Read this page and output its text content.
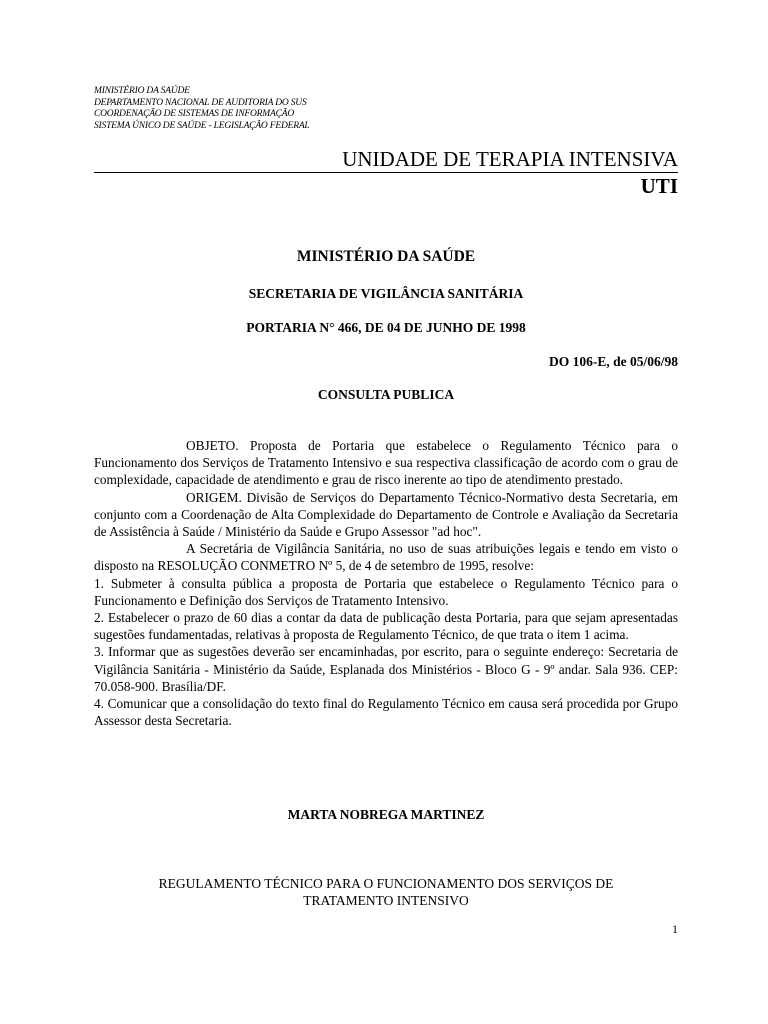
MINISTÉRIO DA SAÚDE
DEPARTAMENTO NACIONAL DE AUDITORIA DO SUS
COORDENAÇÃO DE SISTEMAS DE INFORMAÇÃO
SISTEMA ÚNICO DE SAÚDE - LEGISLAÇÃO FEDERAL
UNIDADE DE TERAPIA INTENSIVA
UTI
MINISTÉRIO DA SAÚDE
SECRETARIA DE VIGILÂNCIA SANITÁRIA
PORTARIA N° 466, DE 04 DE JUNHO DE 1998
DO 106-E, de 05/06/98
CONSULTA PUBLICA

OBJETO. Proposta de Portaria que estabelece o Regulamento Técnico para o Funcionamento dos Serviços de Tratamento Intensivo e sua respectiva classificação de acordo com o grau de complexidade, capacidade de atendimento e grau de risco inerente ao tipo de atendimento prestado.

ORIGEM. Divisão de Serviços do Departamento Técnico-Normativo desta Secretaria, em conjunto com a Coordenação de Alta Complexidade do Departamento de Controle e Avaliação da Secretaria de Assistência à Saúde / Ministério da Saúde e Grupo Assessor "ad hoc".

A Secretária de Vigilância Sanitária, no uso de suas atribuições legais e tendo em visto o disposto na RESOLUÇÃO CONMETRO Nº 5, de 4 de setembro de 1995, resolve:

1. Submeter à consulta pública a proposta de Portaria que estabelece o Regulamento Técnico para o Funcionamento e Definição dos Serviços de Tratamento Intensivo.

2. Estabelecer o prazo de 60 dias a contar da data de publicação desta Portaria, para que sejam apresentadas sugestões fundamentadas, relativas à proposta de Regulamento Técnico, de que trata o item 1 acima.

3. Informar que as sugestões deverão ser encaminhadas, por escrito, para o seguinte endereço: Secretaria de Vigilância Sanitária - Ministério da Saúde, Esplanada dos Ministérios - Bloco G - 9º andar. Sala 936. CEP: 70.058-900. Brasília/DF.

4. Comunicar que a consolidação do texto final do Regulamento Técnico em causa será procedida por Grupo Assessor desta Secretaria.

MARTA NOBREGA MARTINEZ
REGULAMENTO TÉCNICO PARA O FUNCIONAMENTO DOS SERVIÇOS DE
TRATAMENTO INTENSIVO
1
